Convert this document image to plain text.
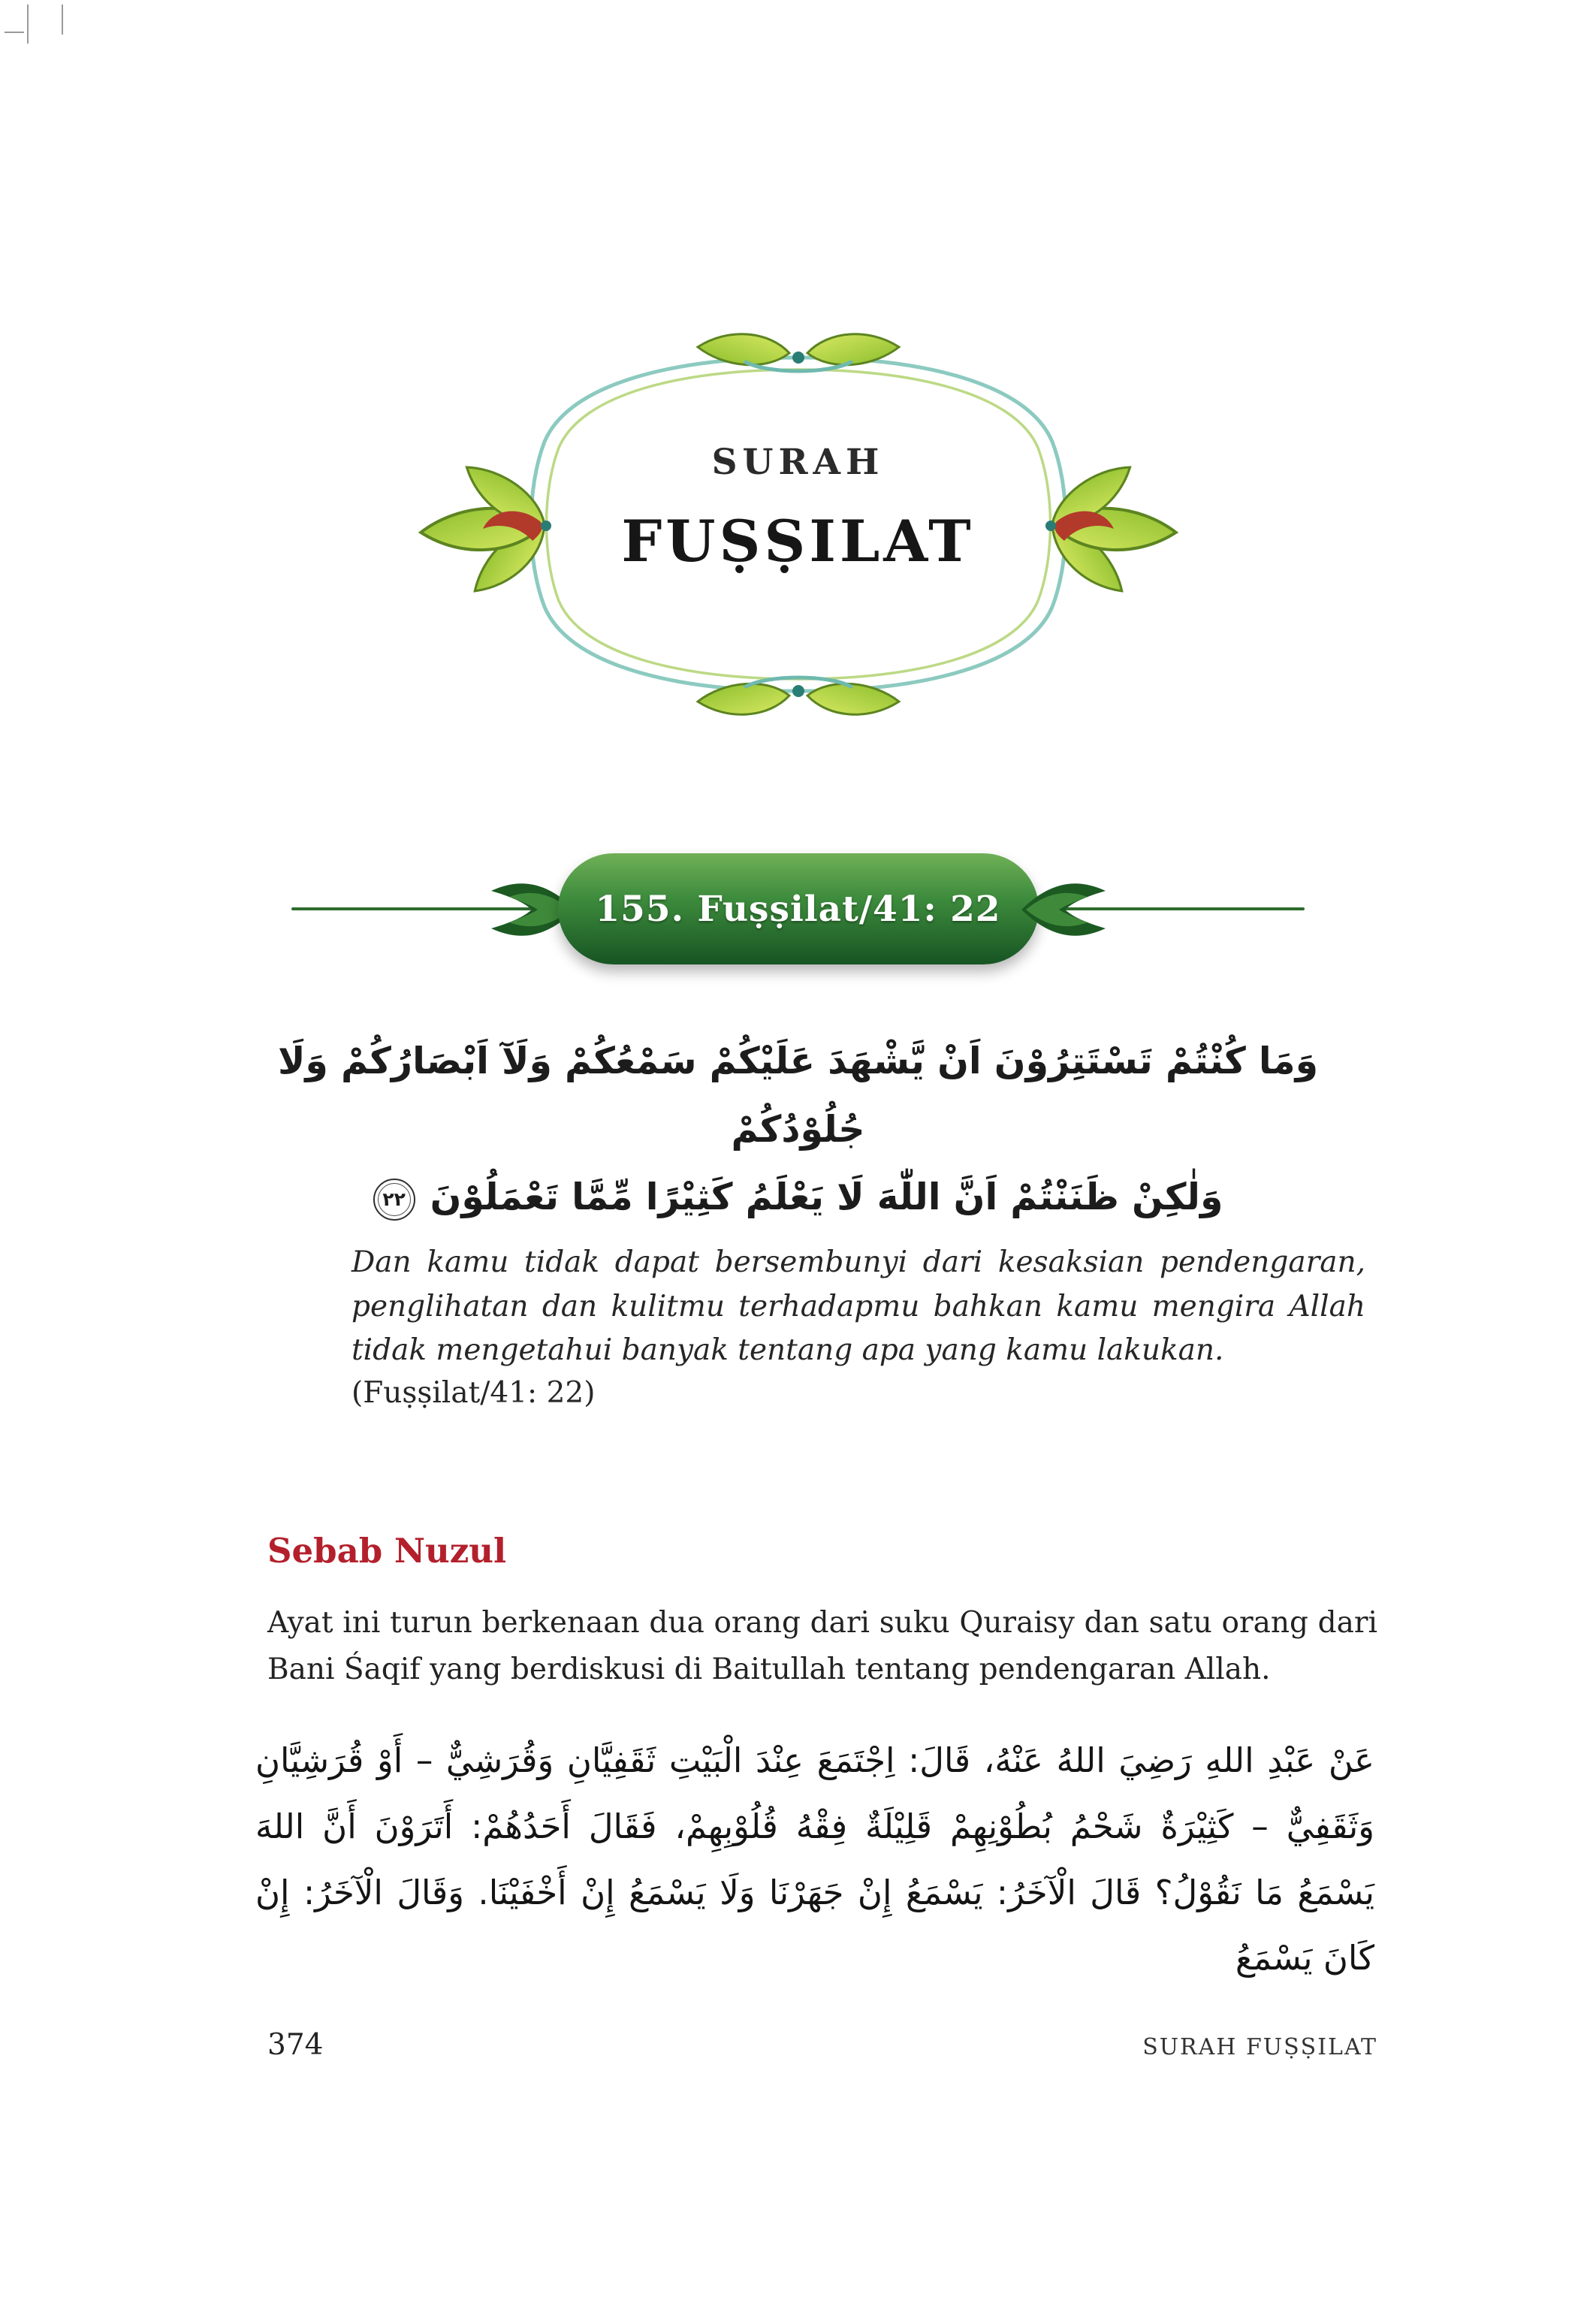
SURAH
FUṢṢILAT
155. Fuṣṣilat/41: 22
وَمَا كُنْتُمْ تَسْتَتِرُوْنَ اَنْ يَّشْهَدَ عَلَيْكُمْ سَمْعُكُمْ وَلَآ اَبْصَارُكُمْ وَلَا جُلُوْدُكُمْ
وَلٰكِنْ ظَنَنْتُمْ اَنَّ اللّٰهَ لَا يَعْلَمُ كَثِيْرًا مِّمَّا تَعْمَلُوْنَ٢٢
Dan kamu tidak dapat bersembunyi dari kesaksian pendengaran, penglihatan dan kulitmu terhadapmu bahkan kamu mengira Allah tidak mengetahui banyak tentang apa yang kamu lakukan.
(Fuṣṣilat/41: 22)
Sebab Nuzul
Ayat ini turun berkenaan dua orang dari suku Quraisy dan satu orang dari Bani Śaqif yang berdiskusi di Baitullah tentang pendengaran Allah.
عَنْ عَبْدِ اللهِ رَضِيَ اللهُ عَنْهُ، قَالَ: اِجْتَمَعَ عِنْدَ الْبَيْتِ ثَقَفِيَّانِ وَقُرَشِيٌّ – أَوْ قُرَشِيَّانِ وَثَقَفِيٌّ – كَثِيْرَةٌ شَحْمُ بُطُوْنِهِمْ قَلِيْلَةٌ فِقْهُ قُلُوْبِهِمْ، فَقَالَ أَحَدُهُمْ: أَتَرَوْنَ أَنَّ اللهَ يَسْمَعُ مَا نَقُوْلُ؟ قَالَ الْآخَرُ: يَسْمَعُ إِنْ جَهَرْنَا وَلَا يَسْمَعُ إِنْ أَخْفَيْنَا. وَقَالَ الْآخَرُ: إِنْ كَانَ يَسْمَعُ
374	SURAH FUṢṢILAT
